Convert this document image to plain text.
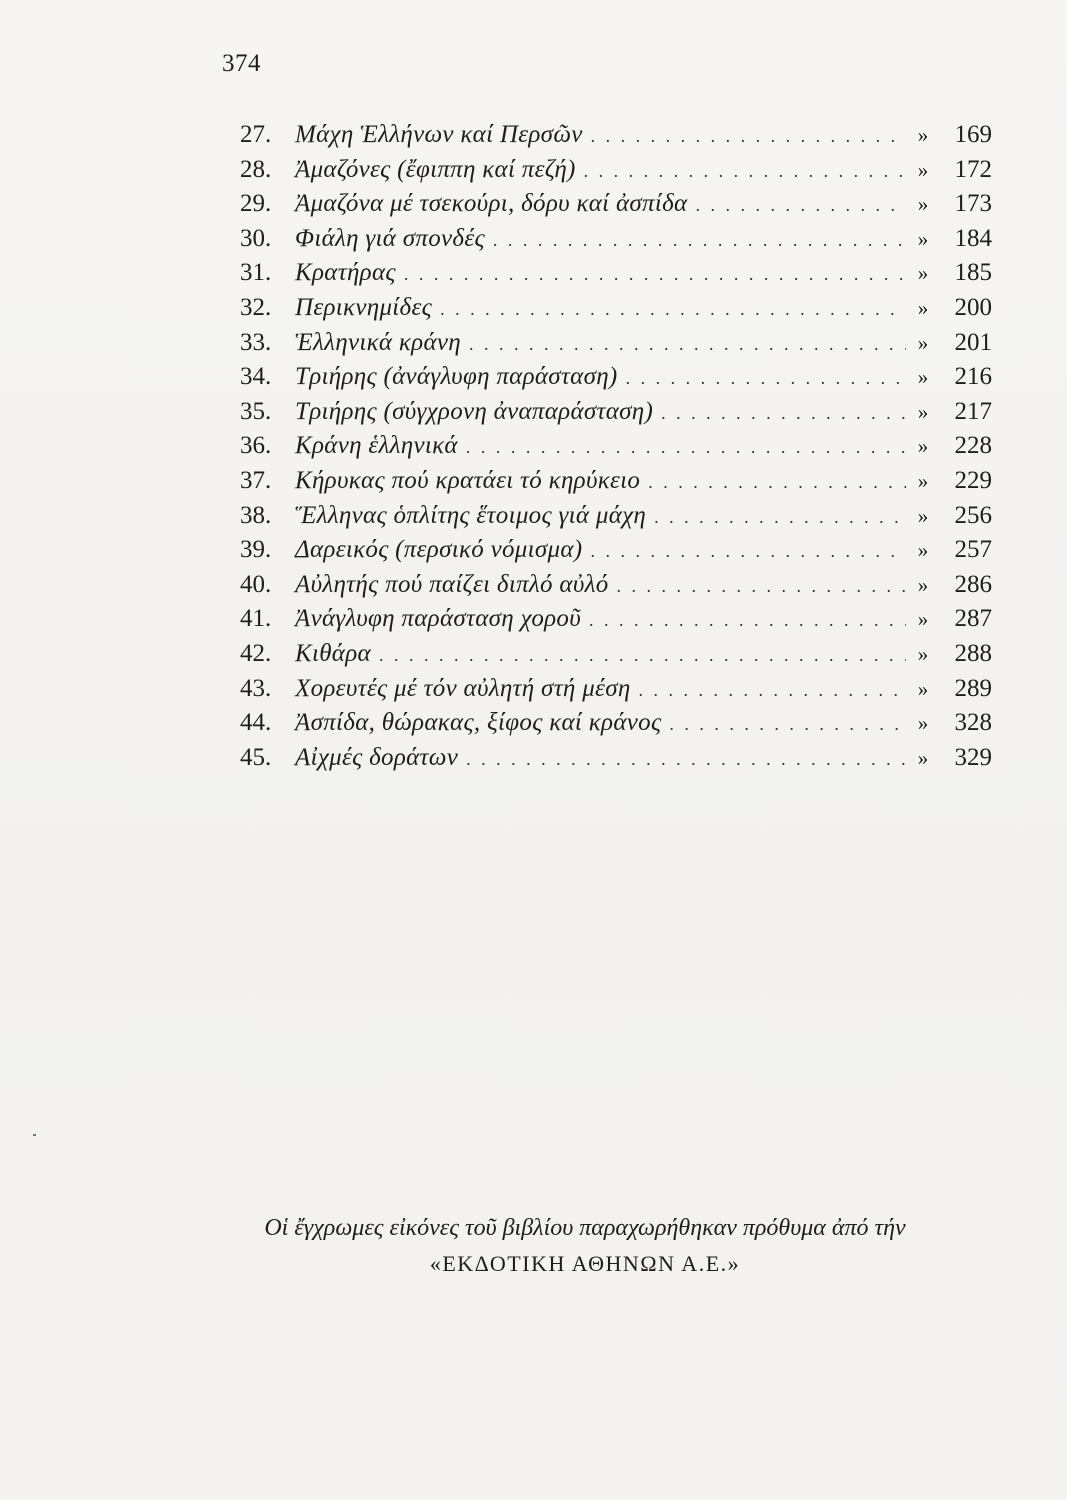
374
27. Μάχη Ἑλλήνων καί Περσῶν . . .	»	169
28. Ἀμαζόνες (ἔφιππη καί πεζή) . . .	»	172
29. Ἀμαζόνα μέ τσεκούρι, δόρυ καί ἀσπίδα . . .	»	173
30. Φιάλη γιά σπονδές . . .	»	184
31. Κρατήρας . . .	»	185
32. Περικνημίδες . . .	»	200
33. Ἑλληνικά κράνη . . .	»	201
34. Τριήρης (ἀνάγλυφη παράσταση) . . .	»	216
35. Τριήρης (σύγχρονη ἀναπαράσταση) . . .	»	217
36. Κράνη ἑλληνικά . . .	»	228
37. Κήρυκας πού κρατάει τό κηρύκειο . . .	»	229
38. Ἕλληνας ὁπλίτης ἕτοιμος γιά μάχη . . .	»	256
39. Δαρεικός (περσικό νόμισμα) . . .	»	257
40. Αὐλητής πού παίζει διπλό αὐλό . . .	»	286
41. Ἀνάγλυφη παράσταση χοροῦ . . .	»	287
42. Κιθάρα . . .	»	288
43. Χορευτές μέ τόν αὐλητή στή μέση . . .	»	289
44. Ἀσπίδα, θώρακας, ξίφος καί κράνος . . .	»	328
45. Αἰχμές δοράτων . . .	»	329
Οἱ ἔγχρωμες εἰκόνες τοῦ βιβλίου παραχωρήθηκαν πρόθυμα ἀπό τήν
«ΕΚΔΟΤΙΚΗ ΑΘΗΝΩΝ Α.Ε.»
